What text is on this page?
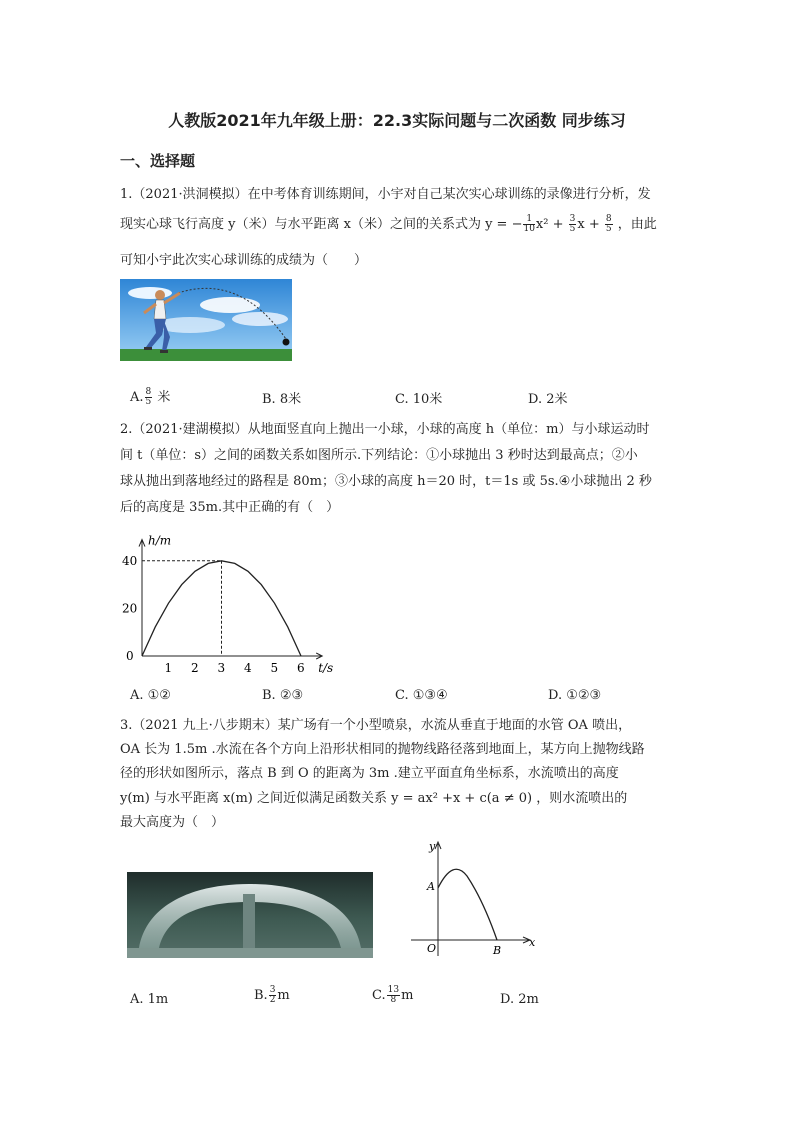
人教版2021年九年级上册：22.3实际问题与二次函数 同步练习
一、选择题
1.（2021·洪洞模拟）在中考体育训练期间，小宇对自己某次实心球训练的录像进行分析，发
现实心球飞行高度 y（米）与水平距离 x（米）之间的关系式为 y = − $\frac{1}{10} x^2 + \frac{3}{5}$ $x + \frac{8}{5}$ ，由此
可知小宇此次实心球训练的成绩为（　　）
A. $\frac{8}{5}$ 米	B. 8米	C. 10米	D. 2米
2.（2021·建湖模拟）从地面竖直向上抛出一小球，小球的高度 h（单位：m）与小球运动时
间 t（单位：s）之间的函数关系如图所示.下列结论：①小球抛出 3 秒时达到最高点；②小
球从抛出到落地经过的路程是 80m；③小球的高度 h＝20 时，t＝1s 或 5s.④小球抛出 2 秒
后的高度是 35m.其中正确的有（　）
1 2 3 4 5 6
20
40
0
h/m
t/s
A. ①②	B. ②③	C. ①③④	D. ①②③
3.（2021 九上·八步期末）某广场有一个小型喷泉，水流从垂直于地面的水管 OA 喷出，
OA 长为 1.5m .水流在各个方向上沿形状相同的抛物线路径落到地面上，某方向上抛物线路
径的形状如图所示，落点 B 到 O 的距离为 3m .建立平面直角坐标系，水流喷出的高度
y(m) 与水平距离 x(m) 之间近似满足函数关系 y = ax² +x + c(a ≠ 0) ，则水流喷出的
最大高度为（　）
y
A
O	B
x
A. 1m	B. $\frac{3}{2}$ m	C. $\frac{13}{8}$ m	D. 2m
